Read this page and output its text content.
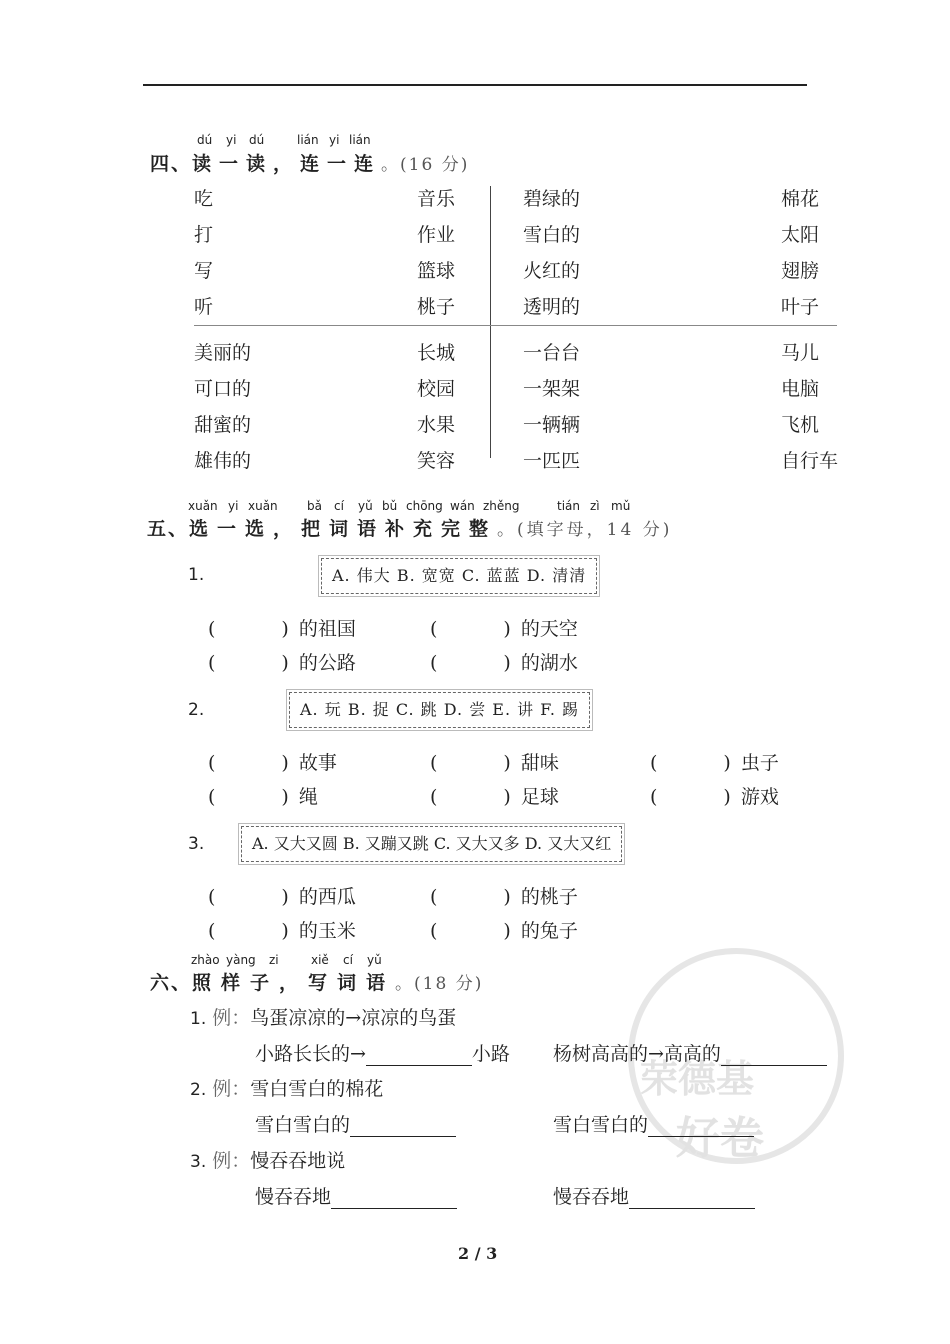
dú yi dú	lián yi lián
四、读一读，连一连。(16 分)
吃	音乐	碧绿的	棉花
打	作业	雪白的	太阳
写	篮球	火红的	翅膀
听	桃子	透明的	叶子
美丽的	长城	一台台	马儿
可口的	校园	一架架	电脑
甜蜜的	水果	一辆辆	飞机
雄伟的	笑容	一匹匹	自行车
xuǎn yi xuǎn bǎ cí yǔ bǔ chōng wán zhěng	tián zì mǔ
五、选一选，把词语补充完整。(填字母，14 分)
1.	A. 伟大 B. 宽宽 C. 蓝蓝 D. 清清
(	) 的祖国	(	) 的天空
(	) 的公路	(	) 的湖水
2.	A. 玩 B. 捉 C. 跳 D. 尝 E. 讲 F. 踢
(	) 故事	(	) 甜味	(	) 虫子
(	) 绳	(	) 足球	(	) 游戏
3.	A. 又大又圆 B. 又蹦又跳 C. 又大又多 D. 又大又红
(	) 的西瓜	(	) 的桃子
(	) 的玉米	(	) 的兔子
荣德基
好卷
zhào yàng zi	xiě cí yǔ
六、照样子，写词语。(18 分)
1. 例：鸟蛋凉凉的→凉凉的鸟蛋
小路长长的→	小路 杨树高高的→高高的
2. 例：雪白雪白的棉花
雪白雪白的	雪白雪白的
3. 例：慢吞吞地说
慢吞吞地	慢吞吞地
2 / 3
